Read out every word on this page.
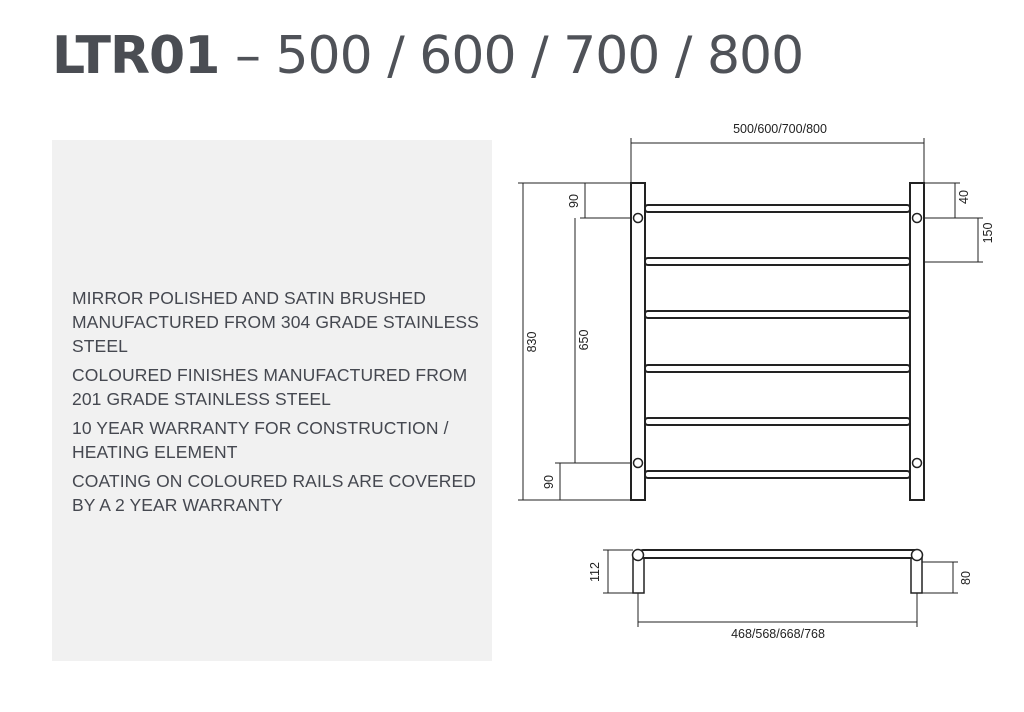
LTR01 – 500 / 600 / 700 / 800
MIRROR POLISHED AND SATIN BRUSHED MANUFACTURED FROM 304 GRADE STAINLESS STEEL
COLOURED FINISHES MANUFACTURED FROM 201 GRADE STAINLESS STEEL
10 YEAR WARRANTY FOR CONSTRUCTION / HEATING ELEMENT
COATING ON COLOURED RAILS ARE COVERED BY A 2 YEAR WARRANTY
500/600/700/800
830
90
650
90
40
150
112	80
468/568/668/768
